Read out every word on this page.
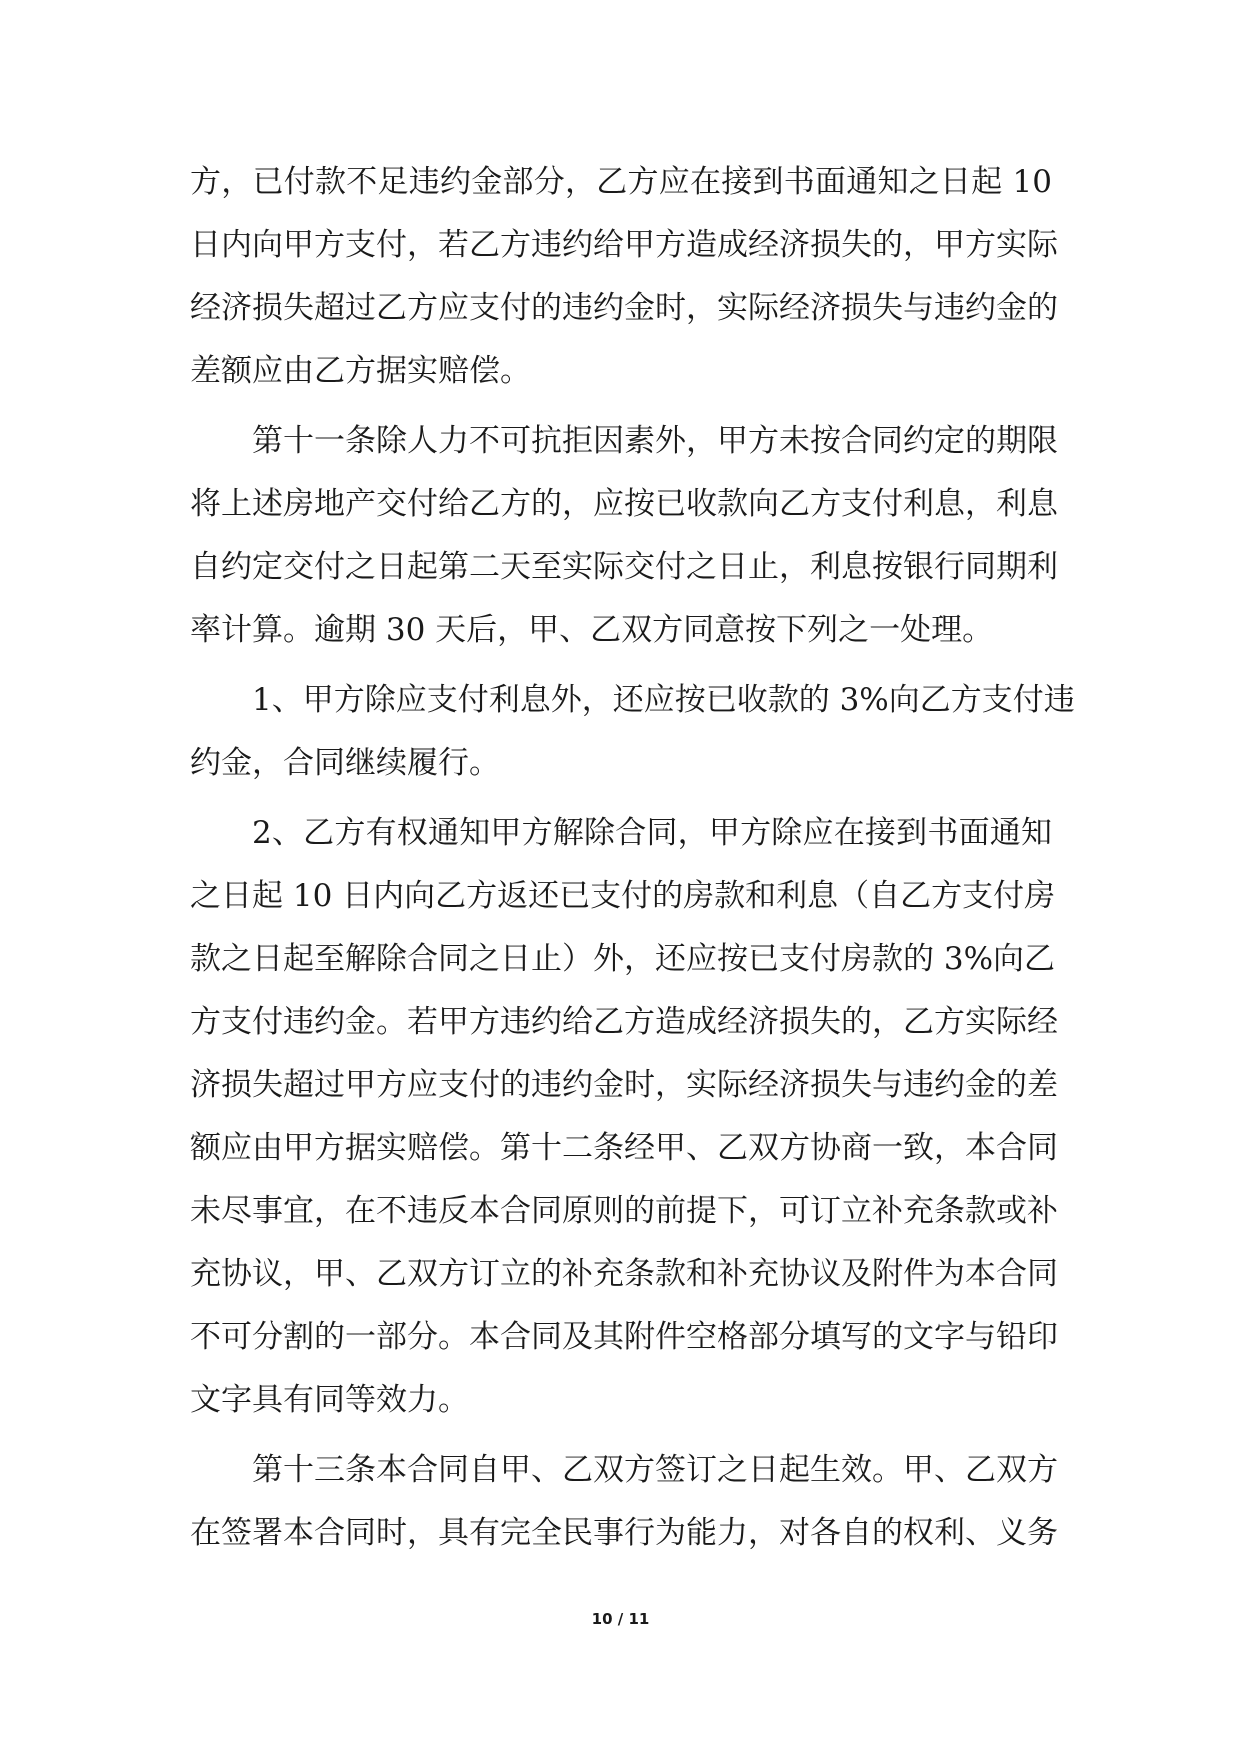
方，已付款不足违约金部分，乙方应在接到书面通知之日起 10
日内向甲方支付，若乙方违约给甲方造成经济损失的，甲方实际
经济损失超过乙方应支付的违约金时，实际经济损失与违约金的
差额应由乙方据实赔偿。
第十一条除人力不可抗拒因素外，甲方未按合同约定的期限
将上述房地产交付给乙方的，应按已收款向乙方支付利息，利息
自约定交付之日起第二天至实际交付之日止，利息按银行同期利
率计算。逾期 30 天后，甲、乙双方同意按下列之一处理。
1、甲方除应支付利息外，还应按已收款的 3%向乙方支付违
约金，合同继续履行。
2、乙方有权通知甲方解除合同，甲方除应在接到书面通知
之日起 10 日内向乙方返还已支付的房款和利息（自乙方支付房
款之日起至解除合同之日止）外，还应按已支付房款的 3%向乙
方支付违约金。若甲方违约给乙方造成经济损失的，乙方实际经
济损失超过甲方应支付的违约金时，实际经济损失与违约金的差
额应由甲方据实赔偿。第十二条经甲、乙双方协商一致，本合同
未尽事宜，在不违反本合同原则的前提下，可订立补充条款或补
充协议，甲、乙双方订立的补充条款和补充协议及附件为本合同
不可分割的一部分。本合同及其附件空格部分填写的文字与铅印
文字具有同等效力。
第十三条本合同自甲、乙双方签订之日起生效。甲、乙双方
在签署本合同时，具有完全民事行为能力，对各自的权利、义务
10 / 11
